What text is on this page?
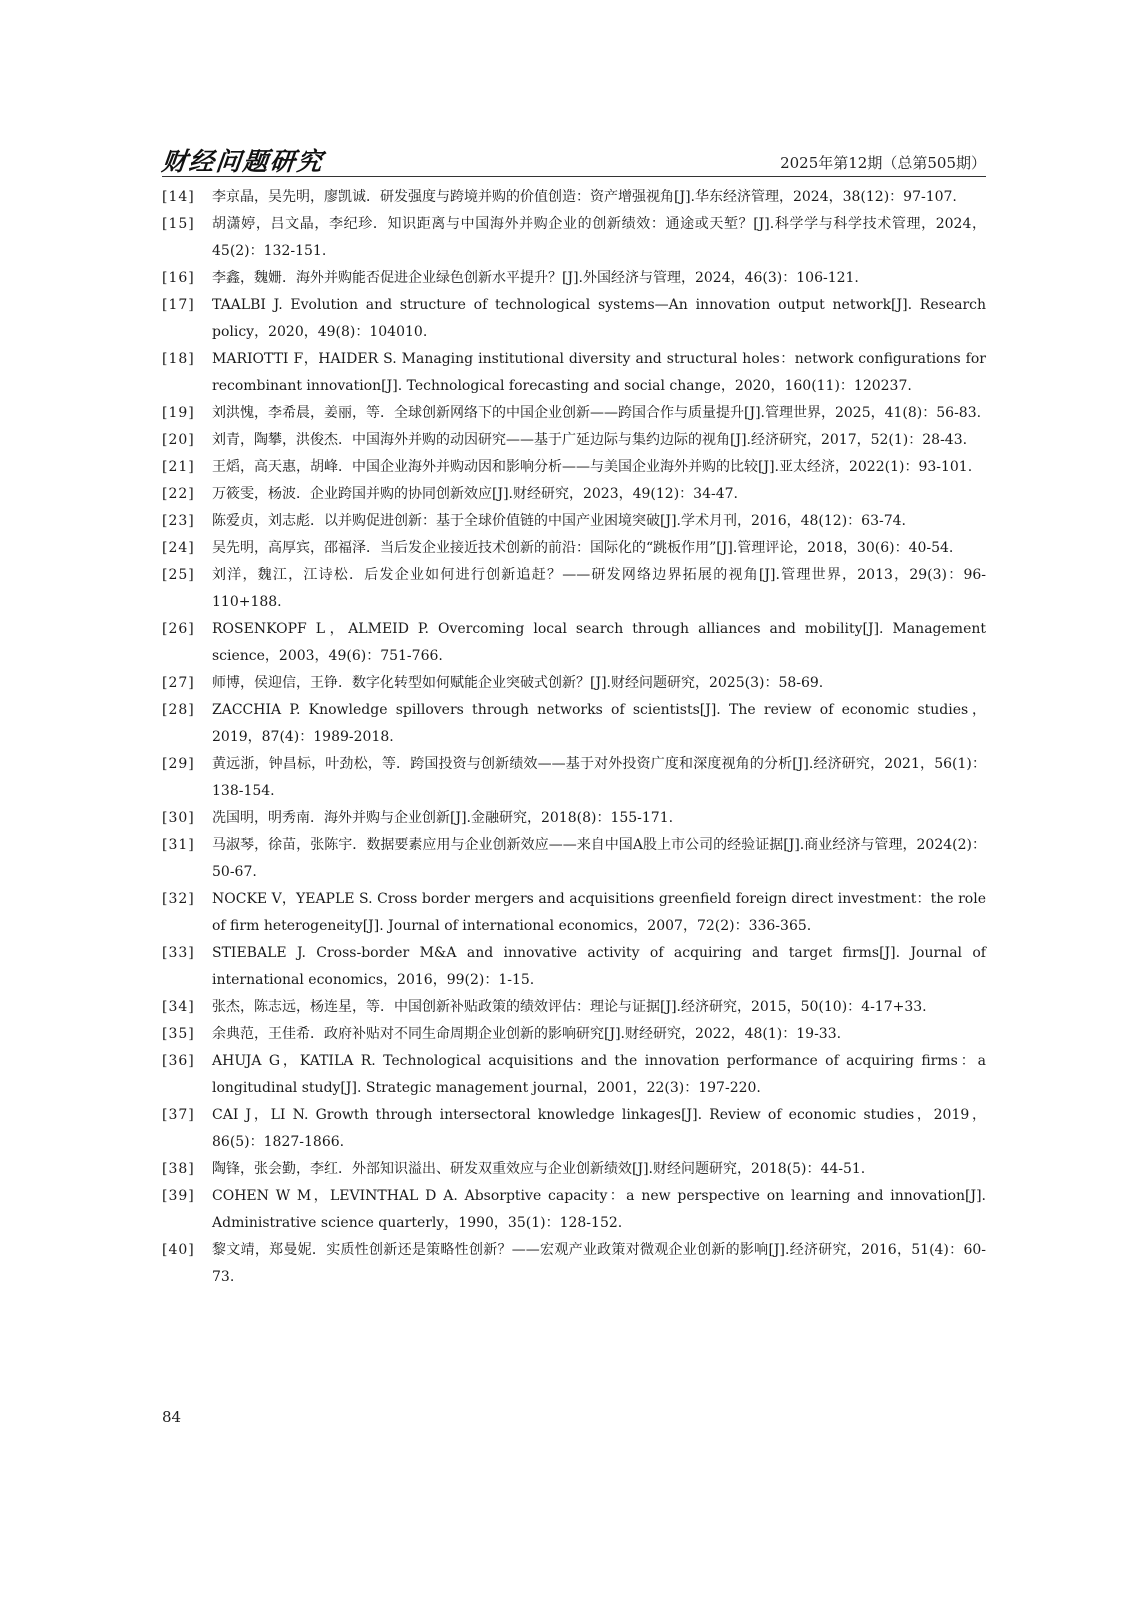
财经问题研究	2025年第12期（总第505期）
[14]	李京晶，吴先明，廖凯诚．研发强度与跨境并购的价值创造：资产增强视角[J].华东经济管理，2024，38(12)：97-107.
[15]	胡潇婷，吕文晶，李纪珍．知识距离与中国海外并购企业的创新绩效：通途或天堑？[J].科学学与科学技术管理，2024，45(2)：132-151.
[16]	李鑫，魏姗．海外并购能否促进企业绿色创新水平提升？[J].外国经济与管理，2024，46(3)：106-121.
[17]	TAALBI J. Evolution and structure of technological systems—An innovation output network[J]. Research policy，2020，49(8)：104010.
[18]	MARIOTTI F，HAIDER S. Managing institutional diversity and structural holes：network configurations for recombinant innovation[J]. Technological forecasting and social change，2020，160(11)：120237.
[19]	刘洪愧，李希晨，姜丽，等．全球创新网络下的中国企业创新——跨国合作与质量提升[J].管理世界，2025，41(8)：56-83.
[20]	刘青，陶攀，洪俊杰．中国海外并购的动因研究——基于广延边际与集约边际的视角[J].经济研究，2017，52(1)：28-43.
[21]	王熖，高天惠，胡峰．中国企业海外并购动因和影响分析——与美国企业海外并购的比较[J].亚太经济，2022(1)：93-101.
[22]	万筱雯，杨波．企业跨国并购的协同创新效应[J].财经研究，2023，49(12)：34-47.
[23]	陈爱贞，刘志彪．以并购促进创新：基于全球价值链的中国产业困境突破[J].学术月刊，2016，48(12)：63-74.
[24]	吴先明，高厚宾，邵福泽．当后发企业接近技术创新的前沿：国际化的“跳板作用”[J].管理评论，2018，30(6)：40-54.
[25]	刘洋，魏江，江诗松．后发企业如何进行创新追赶？——研发网络边界拓展的视角[J].管理世界，2013，29(3)：96-110+188.
[26]	ROSENKOPF L，ALMEID P. Overcoming local search through alliances and mobility[J]. Management science，2003，49(6)：751-766.
[27]	师博，侯迎信，王铮．数字化转型如何赋能企业突破式创新？[J].财经问题研究，2025(3)：58-69.
[28]	ZACCHIA P. Knowledge spillovers through networks of scientists[J]. The review of economic studies，2019，87(4)：1989-2018.
[29]	黄远浙，钟昌标，叶劲松，等．跨国投资与创新绩效——基于对外投资广度和深度视角的分析[J].经济研究，2021，56(1)：138-154.
[30]	冼国明，明秀南．海外并购与企业创新[J].金融研究，2018(8)：155-171.
[31]	马淑琴，徐苗，张陈宇．数据要素应用与企业创新效应——来自中国A股上市公司的经验证据[J].商业经济与管理，2024(2)：50-67.
[32]	NOCKE V，YEAPLE S. Cross border mergers and acquisitions greenfield foreign direct investment：the role of firm heterogeneity[J]. Journal of international economics，2007，72(2)：336-365.
[33]	STIEBALE J. Cross-border M&A and innovative activity of acquiring and target firms[J]. Journal of international economics，2016，99(2)：1-15.
[34]	张杰，陈志远，杨连星，等．中国创新补贴政策的绩效评估：理论与证据[J].经济研究，2015，50(10)：4-17+33.
[35]	余典范，王佳希．政府补贴对不同生命周期企业创新的影响研究[J].财经研究，2022，48(1)：19-33.
[36]	AHUJA G，KATILA R. Technological acquisitions and the innovation performance of acquiring firms：a longitudinal study[J]. Strategic management journal，2001，22(3)：197-220.
[37]	CAI J，LI N. Growth through intersectoral knowledge linkages[J]. Review of economic studies，2019，86(5)：1827-1866.
[38]	陶锋，张会勤，李红．外部知识溢出、研发双重效应与企业创新绩效[J].财经问题研究，2018(5)：44-51.
[39]	COHEN W M，LEVINTHAL D A. Absorptive capacity：a new perspective on learning and innovation[J]. Administrative science quarterly，1990，35(1)：128-152.
[40]	黎文靖，郑曼妮．实质性创新还是策略性创新？——宏观产业政策对微观企业创新的影响[J].经济研究，2016，51(4)：60-73.
84
